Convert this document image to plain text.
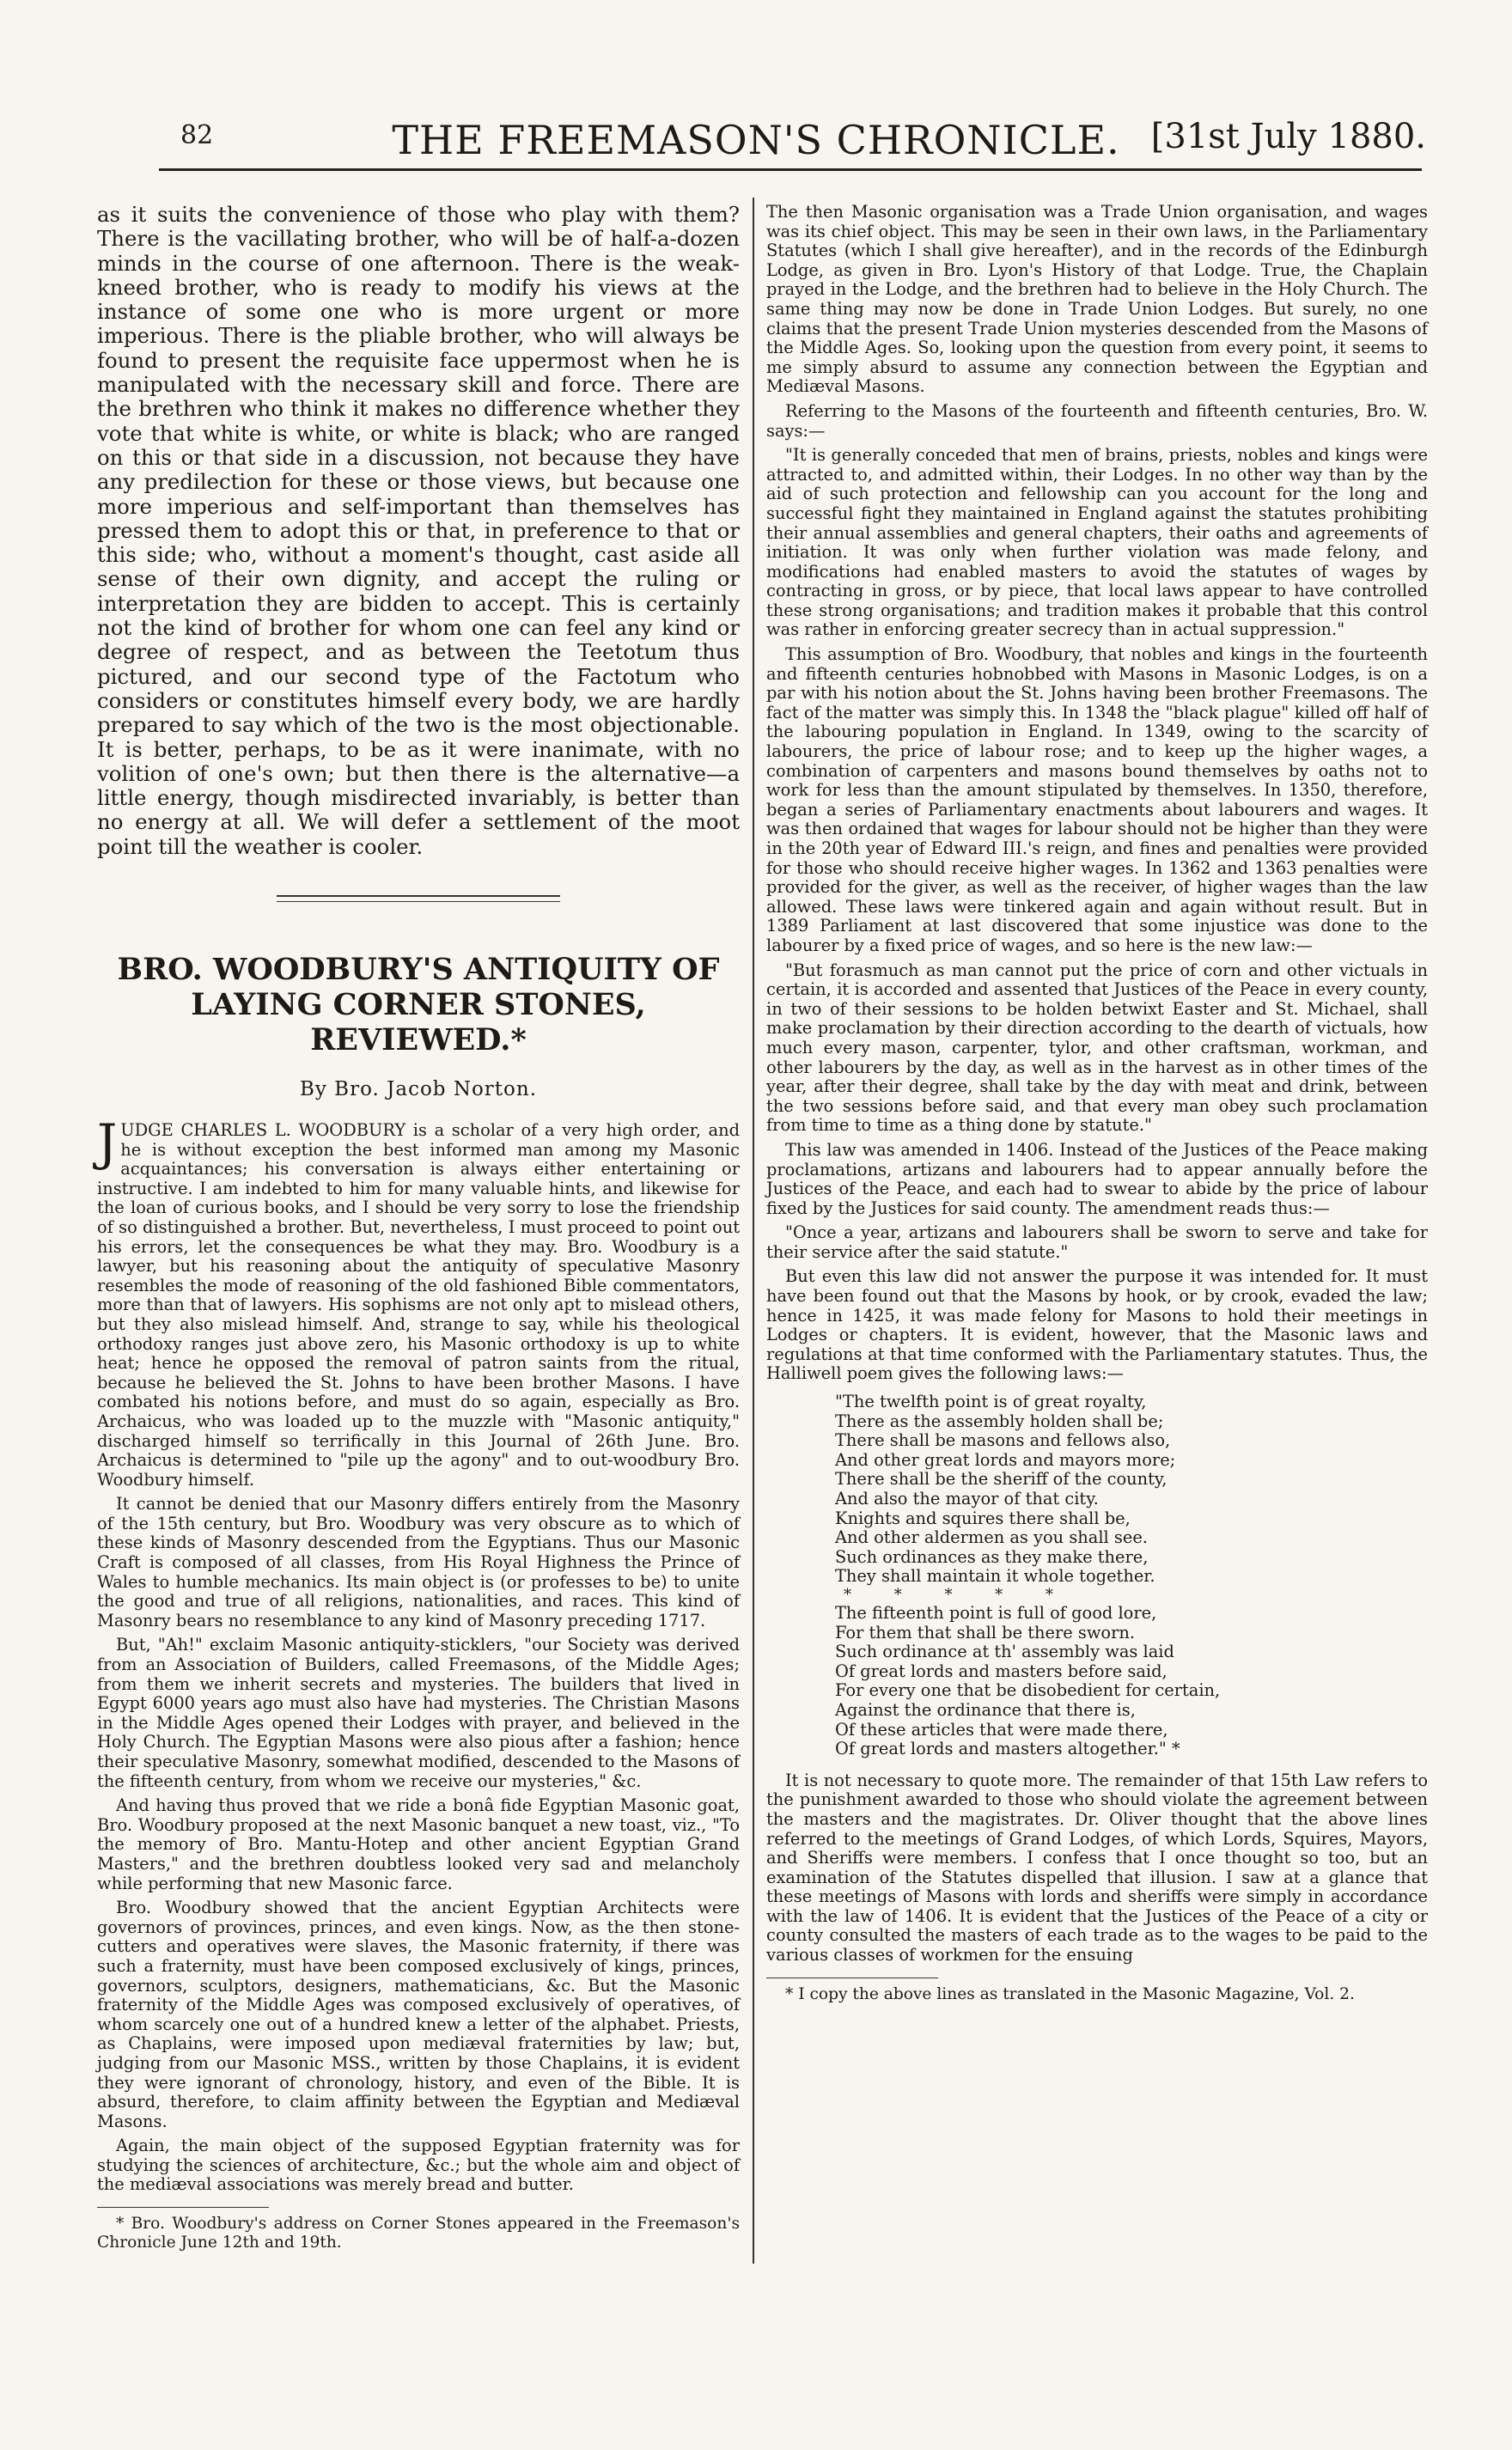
82	THE FREEMASON'S CHRONICLE. [31st July 1880.

as it suits the convenience of those who play with them? There is the vacillating brother, who will be of half-a-dozen minds in the course of one afternoon. There is the weak-kneed brother, who is ready to modify his views at the instance of some one who is more urgent or more imperious. There is the pliable brother, who will always be found to present the requisite face uppermost when he is manipulated with the necessary skill and force. There are the brethren who think it makes no difference whether they vote that white is white, or white is black; who are ranged on this or that side in a discussion, not because they have any predilection for these or those views, but because one more imperious and self-important than themselves has pressed them to adopt this or that, in preference to that or this side; who, without a moment's thought, cast aside all sense of their own dignity, and accept the ruling or interpretation they are bidden to accept. This is certainly not the kind of brother for whom one can feel any kind or degree of respect, and as between the Teetotum thus pictured, and our second type of the Factotum who considers or constitutes himself every body, we are hardly prepared to say which of the two is the most objectionable. It is better, perhaps, to be as it were inanimate, with no volition of one's own; but then there is the alternative—a little energy, though misdirected invariably, is better than no energy at all. We will defer a settlement of the moot point till the weather is cooler.

BRO. WOODBURY'S ANTIQUITY OF LAYING CORNER STONES, REVIEWED.*
By Bro. Jacob Norton.

JUDGE CHARLES L. WOODBURY is a scholar of a very high order, and he is without exception the best informed man among my Masonic acquaintances; his conversation is always either entertaining or instructive. I am indebted to him for many valuable hints, and likewise for the loan of curious books, and I should be very sorry to lose the friendship of so distinguished a brother. But, nevertheless, I must proceed to point out his errors, let the consequences be what they may. Bro. Woodbury is a lawyer, but his reasoning about the antiquity of speculative Masonry resembles the mode of reasoning of the old fashioned Bible commentators, more than that of lawyers. His sophisms are not only apt to mislead others, but they also mislead himself. And, strange to say, while his theological orthodoxy ranges just above zero, his Masonic orthodoxy is up to white heat; hence he opposed the removal of patron saints from the ritual, because he believed the St. Johns to have been brother Masons. I have combated his notions before, and must do so again, especially as Bro. Archaicus, who was loaded up to the muzzle with "Masonic antiquity," discharged himself so terrifically in this Journal of 26th June. Bro. Archaicus is determined to "pile up the agony" and to out-woodbury Bro. Woodbury himself.

It cannot be denied that our Masonry differs entirely from the Masonry of the 15th century, but Bro. Woodbury was very obscure as to which of these kinds of Masonry descended from the Egyptians. Thus our Masonic Craft is composed of all classes, from His Royal Highness the Prince of Wales to humble mechanics. Its main object is (or professes to be) to unite the good and true of all religions, nationalities, and races. This kind of Masonry bears no resemblance to any kind of Masonry preceding 1717.

But, "Ah!" exclaim Masonic antiquity-sticklers, "our Society was derived from an Association of Builders, called Freemasons, of the Middle Ages; from them we inherit secrets and mysteries. The builders that lived in Egypt 6000 years ago must also have had mysteries. The Christian Masons in the Middle Ages opened their Lodges with prayer, and believed in the Holy Church. The Egyptian Masons were also pious after a fashion; hence their speculative Masonry, somewhat modified, descended to the Masons of the fifteenth century, from whom we receive our mysteries," &c.

And having thus proved that we ride a bonâ fide Egyptian Masonic goat, Bro. Woodbury proposed at the next Masonic banquet a new toast, viz., "To the memory of Bro. Mantu-Hotep and other ancient Egyptian Grand Masters," and the brethren doubtless looked very sad and melancholy while performing that new Masonic farce.

Bro. Woodbury showed that the ancient Egyptian Architects were governors of provinces, princes, and even kings. Now, as the then stone-cutters and operatives were slaves, the Masonic fraternity, if there was such a fraternity, must have been composed exclusively of kings, princes, governors, sculptors, designers, mathematicians, &c. But the Masonic fraternity of the Middle Ages was composed exclusively of operatives, of whom scarcely one out of a hundred knew a letter of the alphabet. Priests, as Chaplains, were imposed upon mediæval fraternities by law; but, judging from our Masonic MSS., written by those Chaplains, it is evident they were ignorant of chronology, history, and even of the Bible. It is absurd, therefore, to claim affinity between the Egyptian and Mediæval Masons.

Again, the main object of the supposed Egyptian fraternity was for studying the sciences of architecture, &c.; but the whole aim and object of the mediæval associations was merely bread and butter.

* Bro. Woodbury's address on Corner Stones appeared in the Freemason's Chronicle June 12th and 19th.

The then Masonic organisation was a Trade Union organisation, and wages was its chief object. This may be seen in their own laws, in the Parliamentary Statutes (which I shall give hereafter), and in the records of the Edinburgh Lodge, as given in Bro. Lyon's History of that Lodge. True, the Chaplain prayed in the Lodge, and the brethren had to believe in the Holy Church. The same thing may now be done in Trade Union Lodges. But surely, no one claims that the present Trade Union mysteries descended from the Masons of the Middle Ages. So, looking upon the question from every point, it seems to me simply absurd to assume any connection between the Egyptian and Mediæval Masons.

Referring to the Masons of the fourteenth and fifteenth centuries, Bro. W. says:—

"It is generally conceded that men of brains, priests, nobles and kings were attracted to, and admitted within, their Lodges. In no other way than by the aid of such protection and fellowship can you account for the long and successful fight they maintained in England against the statutes prohibiting their annual assemblies and general chapters, their oaths and agreements of initiation. It was only when further violation was made felony, and modifications had enabled masters to avoid the statutes of wages by contracting in gross, or by piece, that local laws appear to have controlled these strong organisations; and tradition makes it probable that this control was rather in enforcing greater secrecy than in actual suppression."

This assumption of Bro. Woodbury, that nobles and kings in the fourteenth and fifteenth centuries hobnobbed with Masons in Masonic Lodges, is on a par with his notion about the St. Johns having been brother Freemasons. The fact of the matter was simply this. In 1348 the "black plague" killed off half of the labouring population in England. In 1349, owing to the scarcity of labourers, the price of labour rose; and to keep up the higher wages, a combination of carpenters and masons bound themselves by oaths not to work for less than the amount stipulated by themselves. In 1350, therefore, began a series of Parliamentary enactments about labourers and wages. It was then ordained that wages for labour should not be higher than they were in the 20th year of Edward III.'s reign, and fines and penalties were provided for those who should receive higher wages. In 1362 and 1363 penalties were provided for the giver, as well as the receiver, of higher wages than the law allowed. These laws were tinkered again and again without result. But in 1389 Parliament at last discovered that some injustice was done to the labourer by a fixed price of wages, and so here is the new law:—

"But forasmuch as man cannot put the price of corn and other victuals in certain, it is accorded and assented that Justices of the Peace in every county, in two of their sessions to be holden betwixt Easter and St. Michael, shall make proclamation by their direction according to the dearth of victuals, how much every mason, carpenter, tylor, and other craftsman, workman, and other labourers by the day, as well as in the harvest as in other times of the year, after their degree, shall take by the day with meat and drink, between the two sessions before said, and that every man obey such proclamation from time to time as a thing done by statute."

This law was amended in 1406. Instead of the Justices of the Peace making proclamations, artizans and labourers had to appear annually before the Justices of the Peace, and each had to swear to abide by the price of labour fixed by the Justices for said county. The amendment reads thus:—

"Once a year, artizans and labourers shall be sworn to serve and take for their service after the said statute."

But even this law did not answer the purpose it was intended for. It must have been found out that the Masons by hook, or by crook, evaded the law; hence in 1425, it was made felony for Masons to hold their meetings in Lodges or chapters. It is evident, however, that the Masonic laws and regulations at that time conformed with the Parliamentary statutes. Thus, the Halliwell poem gives the following laws:—

"The twelfth point is of great royalty,
There as the assembly holden shall be;
There shall be masons and fellows also,
And other great lords and mayors more;
There shall be the sheriff of the county,
And also the mayor of that city.
Knights and squires there shall be,
And other aldermen as you shall see.
Such ordinances as they make there,
They shall maintain it whole together.
* * * * *
The fifteenth point is full of good lore,
For them that shall be there sworn.
Such ordinance at th' assembly was laid
Of great lords and masters before said,
For every one that be disobedient for certain,
Against the ordinance that there is,
Of these articles that were made there,
Of great lords and masters altogether." *

It is not necessary to quote more. The remainder of that 15th Law refers to the punishment awarded to those who should violate the agreement between the masters and the magistrates. Dr. Oliver thought that the above lines referred to the meetings of Grand Lodges, of which Lords, Squires, Mayors, and Sheriffs were members. I confess that I once thought so too, but an examination of the Statutes dispelled that illusion. I saw at a glance that these meetings of Masons with lords and sheriffs were simply in accordance with the law of 1406. It is evident that the Justices of the Peace of a city or county consulted the masters of each trade as to the wages to be paid to the various classes of workmen for the ensuing

* I copy the above lines as translated in the Masonic Magazine, Vol. 2.
